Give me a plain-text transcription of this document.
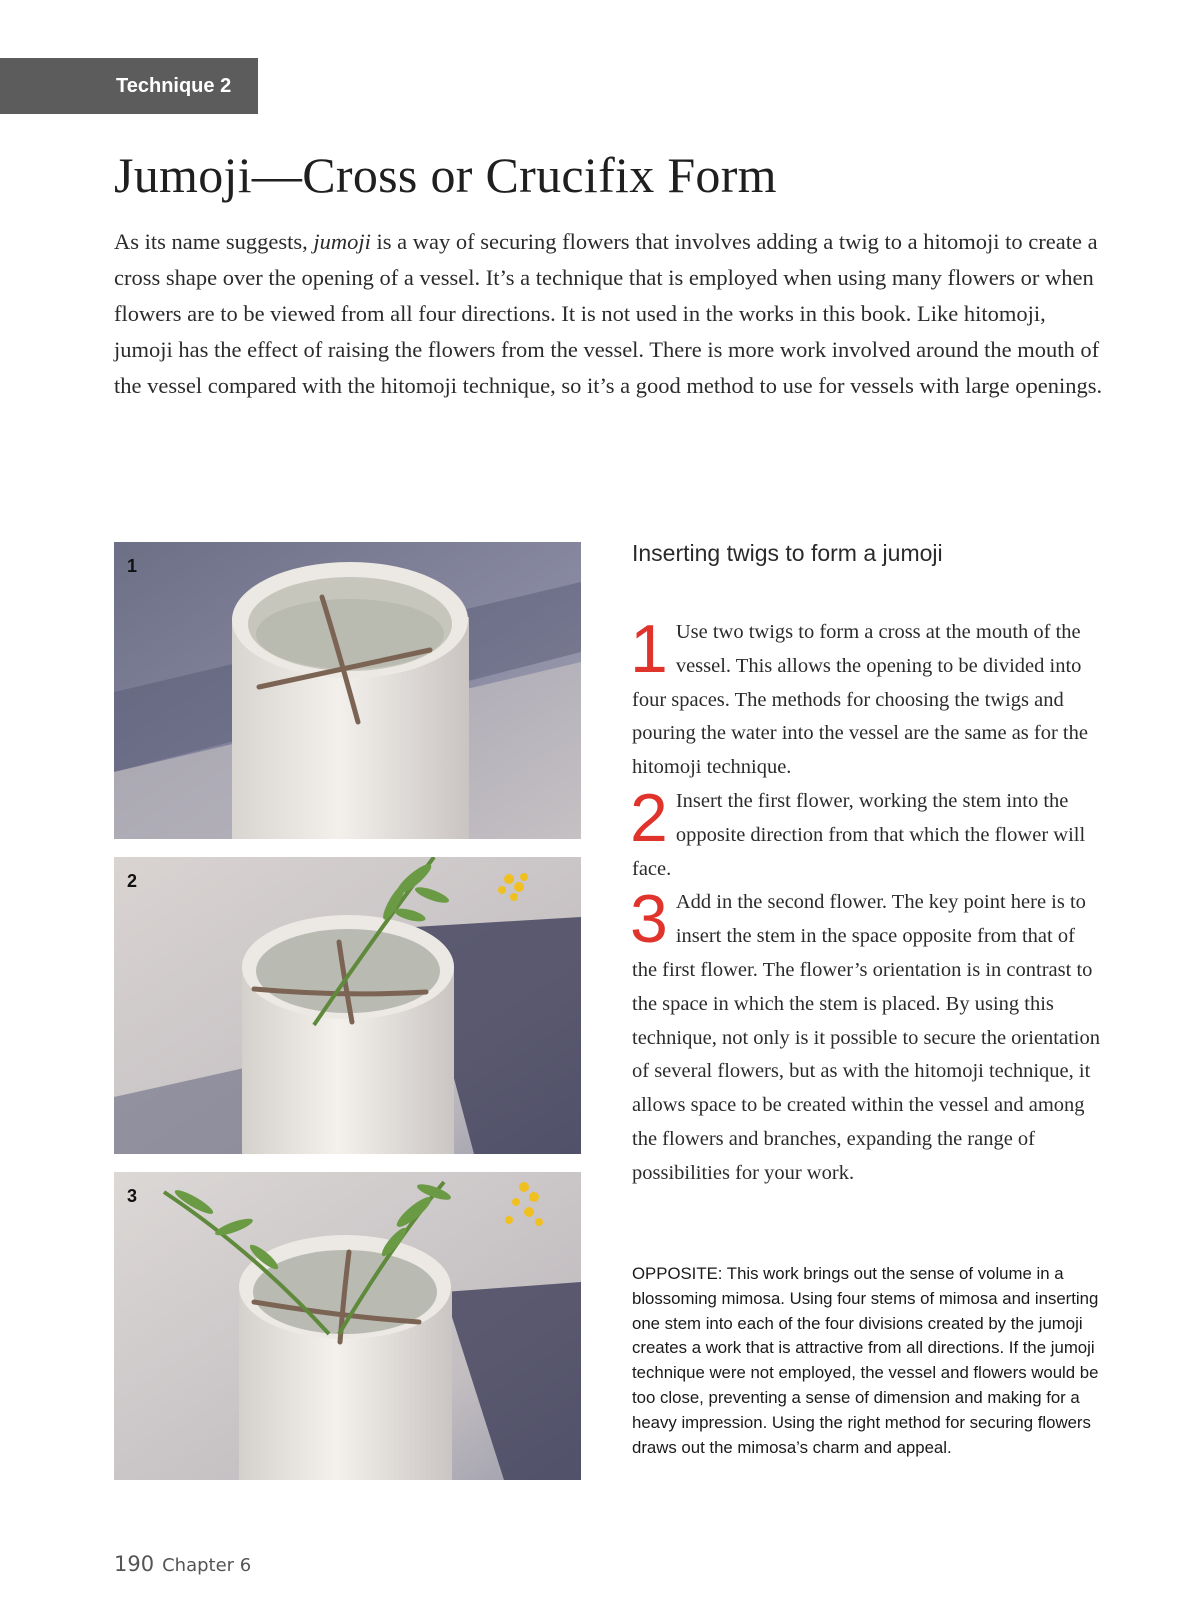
Technique 2
Jumoji—Cross or Crucifix Form

As its name suggests, jumoji is a way of securing flowers that involves adding a twig to a hitomoji to create a cross shape over the opening of a vessel. It’s a technique that is employed when using many flowers or when flowers are to be viewed from all four directions. It is not used in the works in this book. Like hitomoji, jumoji has the effect of raising the flowers from the vessel. There is more work involved around the mouth of the vessel compared with the hitomoji technique, so it’s a good method to use for vessels with large openings.

1
2
3
Inserting twigs to form a jumoji

1 Use two twigs to form a cross at the mouth of the vessel. This allows the opening to be divided into four spaces. The methods for choosing the twigs and pouring the water into the vessel are the same as for the hitomoji technique.

2 Insert the first flower, working the stem into the opposite direction from that which the flower will face.

3 Add in the second flower. The key point here is to insert the stem in the space opposite from that of the first flower. The flower’s orientation is in contrast to the space in which the stem is placed. By using this technique, not only is it possible to secure the orientation of several flowers, but as with the hitomoji technique, it allows space to be created within the vessel and among the flowers and branches, expanding the range of possibilities for your work.

OPPOSITE: This work brings out the sense of volume in a blossoming mimosa. Using four stems of mimosa and inserting one stem into each of the four divisions created by the jumoji creates a work that is attractive from all directions. If the jumoji technique were not employed, the vessel and flowers would be too close, preventing a sense of dimension and making for a heavy impression. Using the right method for securing flowers draws out the mimosa’s charm and appeal.

190 Chapter 6
